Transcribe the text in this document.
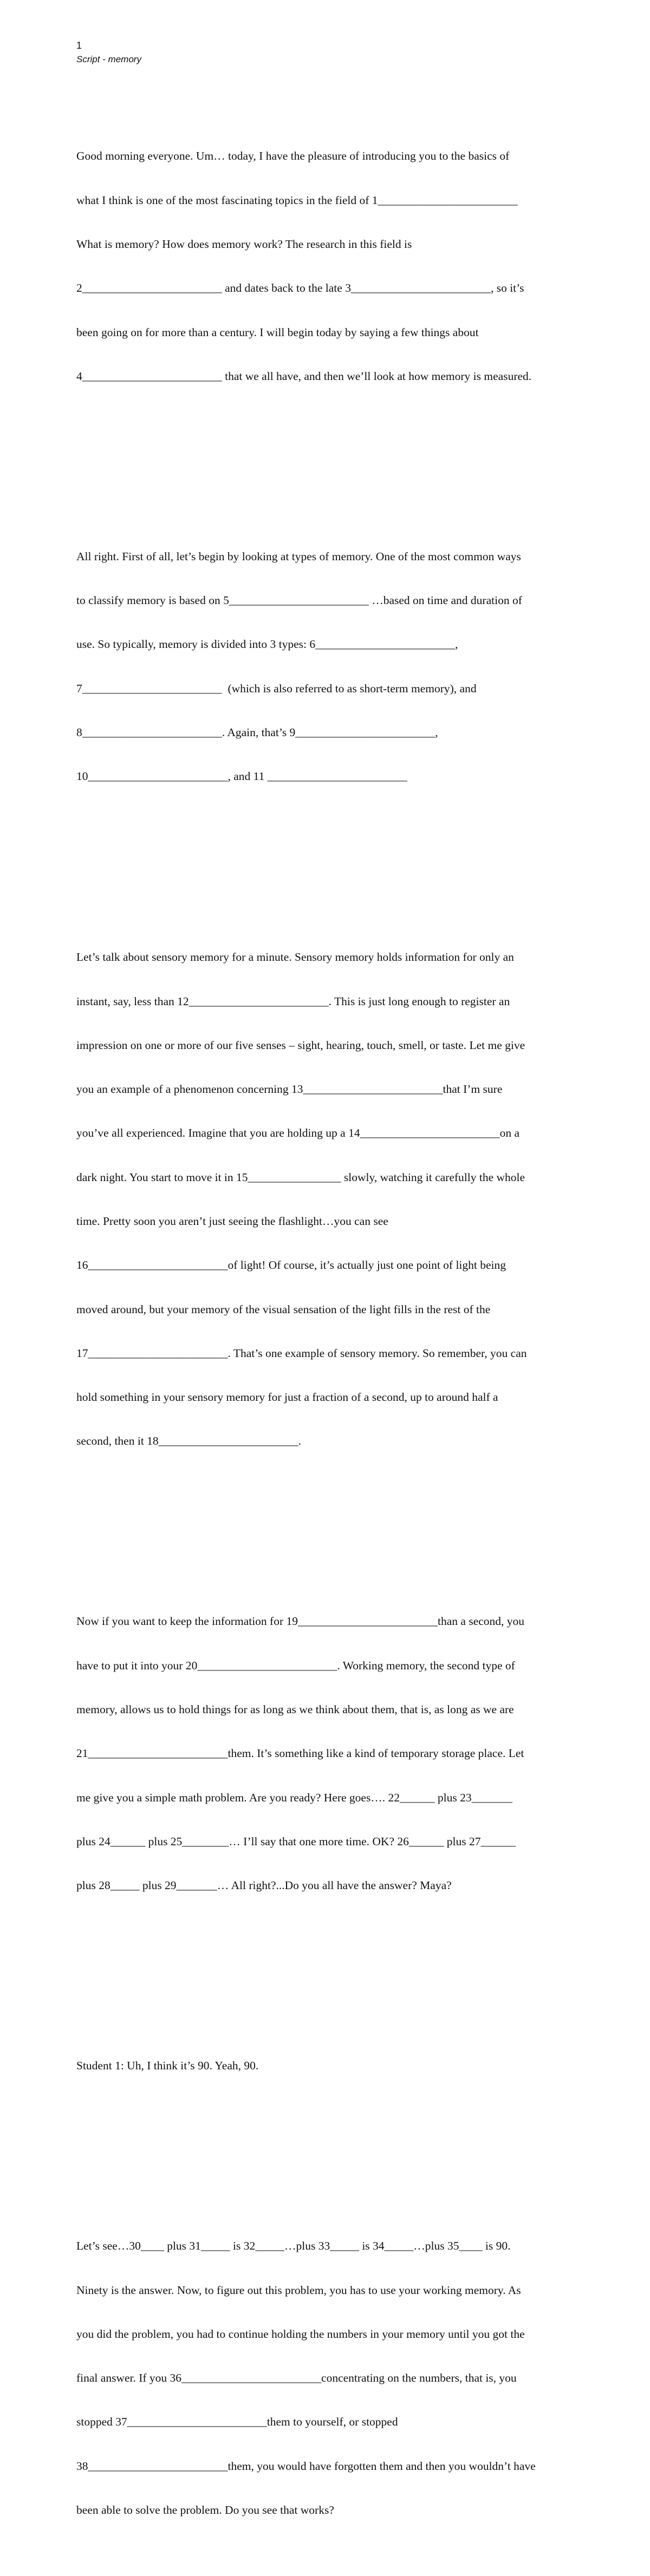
1
Script - memory

Good morning everyone. Um… today, I have the pleasure of introducing you to the basics of

what I think is one of the most fascinating topics in the field of 1________________________

What is memory? How does memory work? The research in this field is

2________________________ and dates back to the late 3________________________, so it’s

been going on for more than a century. I will begin today by saying a few things about

4________________________ that we all have, and then we’ll look at how memory is measured.

All right. First of all, let’s begin by looking at types of memory. One of the most common ways

to classify memory is based on 5________________________ …based on time and duration of

use. So typically, memory is divided into 3 types: 6________________________,

7________________________  (which is also referred to as short-term memory), and

8________________________. Again, that’s 9________________________,

10________________________, and 11 ________________________

Let’s talk about sensory memory for a minute. Sensory memory holds information for only an

instant, say, less than 12________________________. This is just long enough to register an

impression on one or more of our five senses – sight, hearing, touch, smell, or taste. Let me give

you an example of a phenomenon concerning 13________________________that I’m sure

you’ve all experienced. Imagine that you are holding up a 14________________________on a

dark night. You start to move it in 15________________ slowly, watching it carefully the whole

time. Pretty soon you aren’t just seeing the flashlight…you can see

16________________________of light! Of course, it’s actually just one point of light being

moved around, but your memory of the visual sensation of the light fills in the rest of the

17________________________. That’s one example of sensory memory. So remember, you can

hold something in your sensory memory for just a fraction of a second, up to around half a

second, then it 18________________________.

Now if you want to keep the information for 19________________________than a second, you

have to put it into your 20________________________. Working memory, the second type of

memory, allows us to hold things for as long as we think about them, that is, as long as we are

21________________________them. It’s something like a kind of temporary storage place. Let

me give you a simple math problem. Are you ready? Here goes…. 22______ plus 23_______

plus 24______ plus 25________… I’ll say that one more time. OK? 26______ plus 27______

plus 28_____ plus 29_______… All right?...Do you all have the answer? Maya?

Student 1: Uh, I think it’s 90. Yeah, 90.

Let’s see…30____ plus 31_____ is 32_____…plus 33_____ is 34_____…plus 35____ is 90.

Ninety is the answer. Now, to figure out this problem, you has to use your working memory. As

you did the problem, you had to continue holding the numbers in your memory until you got the

final answer. If you 36________________________concentrating on the numbers, that is, you

stopped 37________________________them to yourself, or stopped

38________________________them, you would have forgotten them and then you wouldn’t have

been able to solve the problem. Do you see that works?
